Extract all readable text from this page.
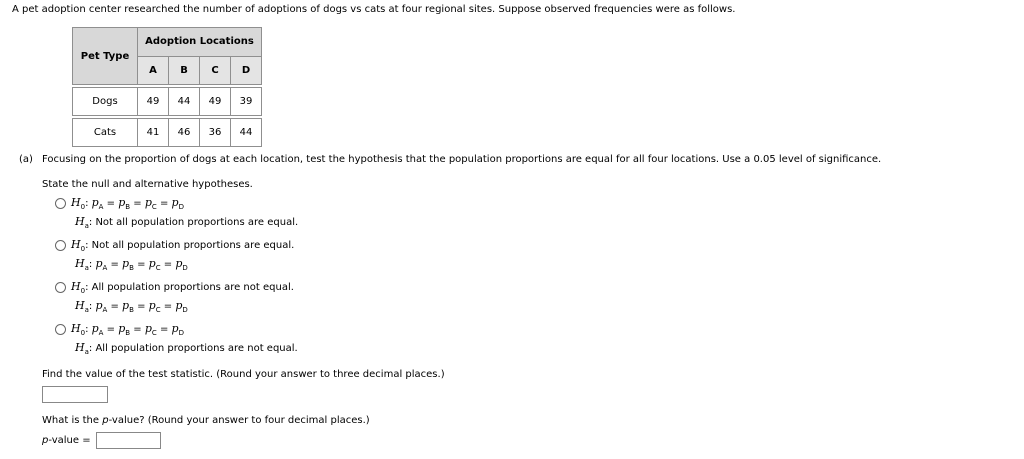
A pet adoption center researched the number of adoptions of dogs vs cats at four regional sites. Suppose observed frequencies were as follows.
Pet Type	Adoption Locations			
	A	B	C	D

Dogs	49	44	49	39

Cats	41	46	36	44
(a) Focusing on the proportion of dogs at each location, test the hypothesis that the population proportions are equal for all four locations. Use a 0.05 level of significance.
State the null and alternative hypotheses.
$H_0$: $p_A = p_B = p_C = p_D$
$H_a$: Not all population proportions are equal.
$H_0$: Not all population proportions are equal.
$H_a$: $p_A = p_B = p_C = p_D$
$H_0$: All population proportions are not equal.
$H_a$: $p_A = p_B = p_C = p_D$
$H_0$: $p_A = p_B = p_C = p_D$
$H_a$: All population proportions are not equal.
Find the value of the test statistic. (Round your answer to three decimal places.)
What is the p-value? (Round your answer to four decimal places.)
p-value =
